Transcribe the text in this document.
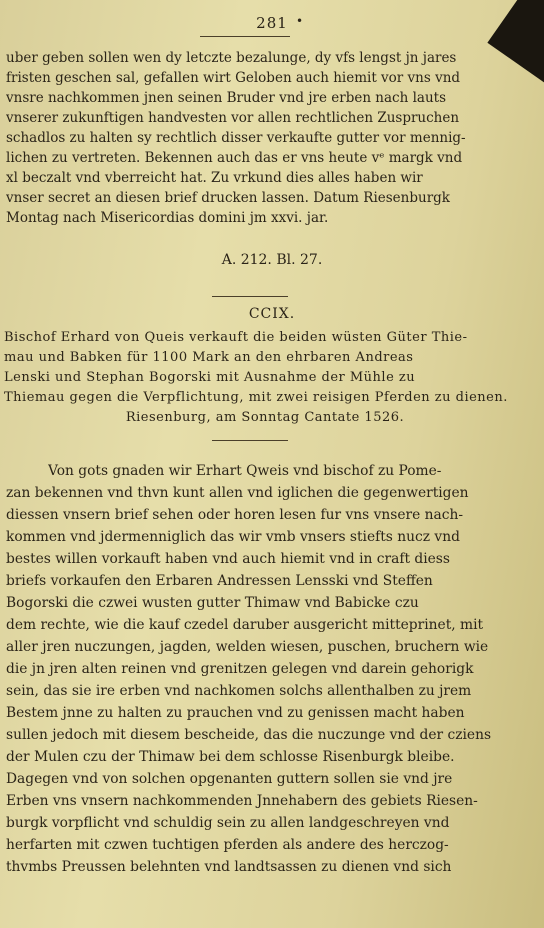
281 •
uber geben sollen wen dy letczte bezalunge, dy vfs lengst jn jares
fristen geschen sal, gefallen wirt Geloben auch hiemit vor vns vnd
vnsre nachkommen jnen seinen Bruder vnd jre erben nach lauts
vnserer zukunftigen handvesten vor allen rechtlichen Zuspruchen
schadlos zu halten sy rechtlich disser verkaufte gutter vor mennig-
lichen zu vertreten. Bekennen auch das er vns heute vᵉ margk vnd
xl beczalt vnd vberreicht hat. Zu vrkund dies alles haben wir
vnser secret an diesen brief drucken lassen. Datum Riesenburgk
Montag nach Misericordias domini jm xxvi. jar.
A. 212. Bl. 27.
CCIX.
Bischof Erhard von Queis verkauft die beiden wüsten Güter Thie-
mau und Babken für 1100 Mark an den ehrbaren Andreas
Lenski und Stephan Bogorski mit Ausnahme der Mühle zu
Thiemau gegen die Verpflichtung, mit zwei reisigen Pferden zu dienen.
Riesenburg, am Sonntag Cantate 1526.
Von gots gnaden wir Erhart Qweis vnd bischof zu Pome-
zan bekennen vnd thvn kunt allen vnd iglichen die gegenwertigen
diessen vnsern brief sehen oder horen lesen fur vns vnsere nach-
kommen vnd jdermenniglich das wir vmb vnsers stiefts nucz vnd
bestes willen vorkauft haben vnd auch hiemit vnd in craft diess
briefs vorkaufen den Erbaren Andressen Lensski vnd Steffen
Bogorski die czwei wusten gutter Thimaw vnd Babicke czu
dem rechte, wie die kauf czedel daruber ausgericht mitteprinet, mit
aller jren nuczungen, jagden, welden wiesen, puschen, bruchern wie
die jn jren alten reinen vnd grenitzen gelegen vnd darein gehorigk
sein, das sie ire erben vnd nachkomen solchs allenthalben zu jrem
Bestem jnne zu halten zu prauchen vnd zu genissen macht haben
sullen jedoch mit diesem bescheide, das die nuczunge vnd der cziens
der Mulen czu der Thimaw bei dem schlosse Risenburgk bleibe.
Dagegen vnd von solchen opgenanten guttern sollen sie vnd jre
Erben vns vnsern nachkommenden Jnnehabern des gebiets Riesen-
burgk vorpflicht vnd schuldig sein zu allen landgeschreyen vnd
herfarten mit czwen tuchtigen pferden als andere des herczog-
thvmbs Preussen belehnten vnd landtsassen zu dienen vnd sich
